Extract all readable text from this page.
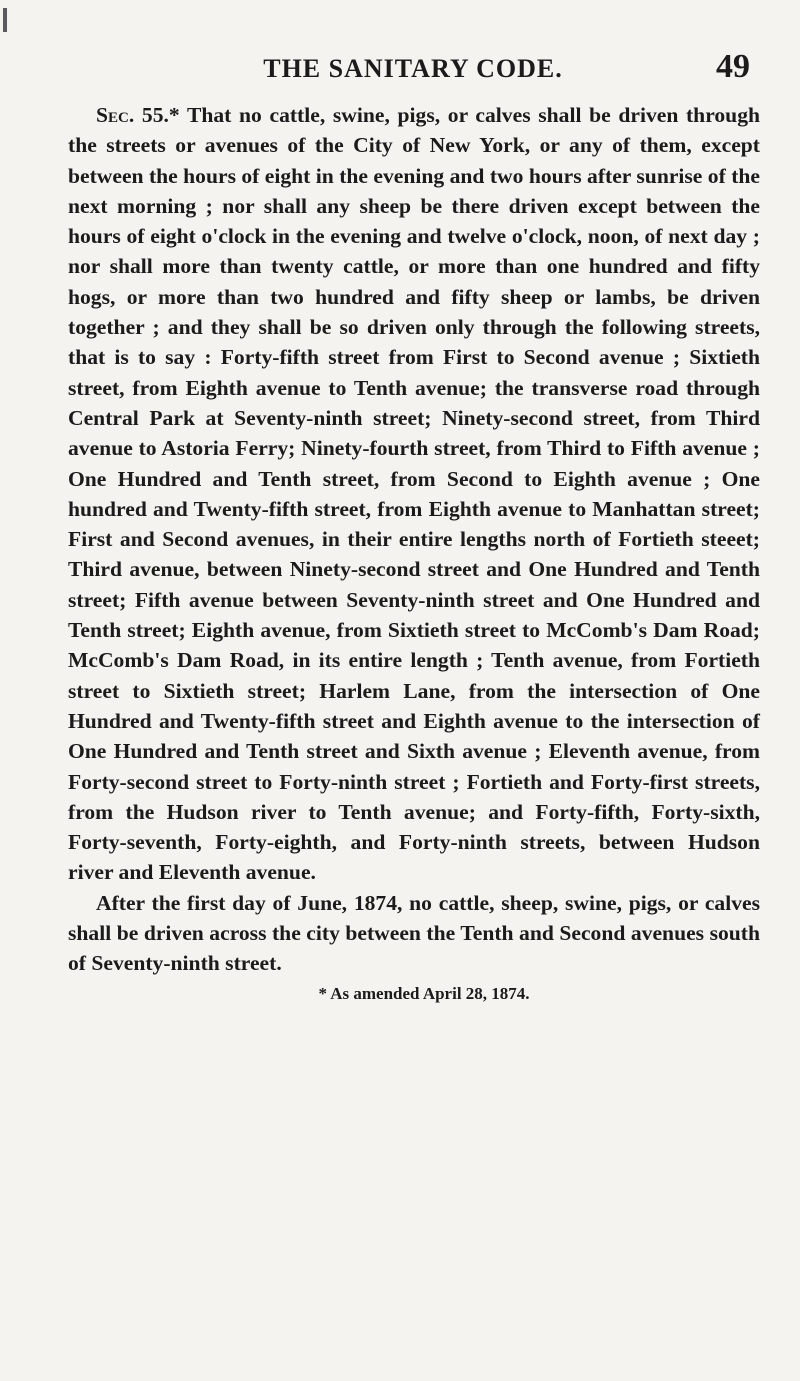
THE SANITARY CODE.	49

Sec. 55.* That no cattle, swine, pigs, or calves shall be driven through the streets or avenues of the City of New York, or any of them, except between the hours of eight in the evening and two hours after sunrise of the next morning ; nor shall any sheep be there driven except between the hours of eight o'clock in the evening and twelve o'clock, noon, of next day ; nor shall more than twenty cattle, or more than one hundred and fifty hogs, or more than two hundred and fifty sheep or lambs, be driven together ; and they shall be so driven only through the following streets, that is to say : Forty-fifth street from First to Second avenue ; Sixtieth street, from Eighth avenue to Tenth avenue; the transverse road through Central Park at Seventy-ninth street; Ninety-second street, from Third avenue to Astoria Ferry; Ninety-fourth street, from Third to Fifth avenue ; One Hundred and Tenth street, from Second to Eighth avenue ; One hundred and Twenty-fifth street, from Eighth avenue to Manhattan street; First and Second avenues, in their entire lengths north of Fortieth steeet; Third avenue, between Ninety-second street and One Hundred and Tenth street; Fifth avenue between Seventy-ninth street and One Hundred and Tenth street; Eighth avenue, from Sixtieth street to McComb's Dam Road; McComb's Dam Road, in its entire length ; Tenth avenue, from Fortieth street to Sixtieth street; Harlem Lane, from the intersection of One Hundred and Twenty-fifth street and Eighth avenue to the intersection of One Hundred and Tenth street and Sixth avenue ; Eleventh avenue, from Forty-second street to Forty-ninth street ; Fortieth and Forty-first streets, from the Hudson river to Tenth avenue; and Forty-fifth, Forty-sixth, Forty-seventh, Forty-eighth, and Forty-ninth streets, between Hudson river and Eleventh avenue.

After the first day of June, 1874, no cattle, sheep, swine, pigs, or calves shall be driven across the city between the Tenth and Second avenues south of Seventy-ninth street.

* As amended April 28, 1874.
